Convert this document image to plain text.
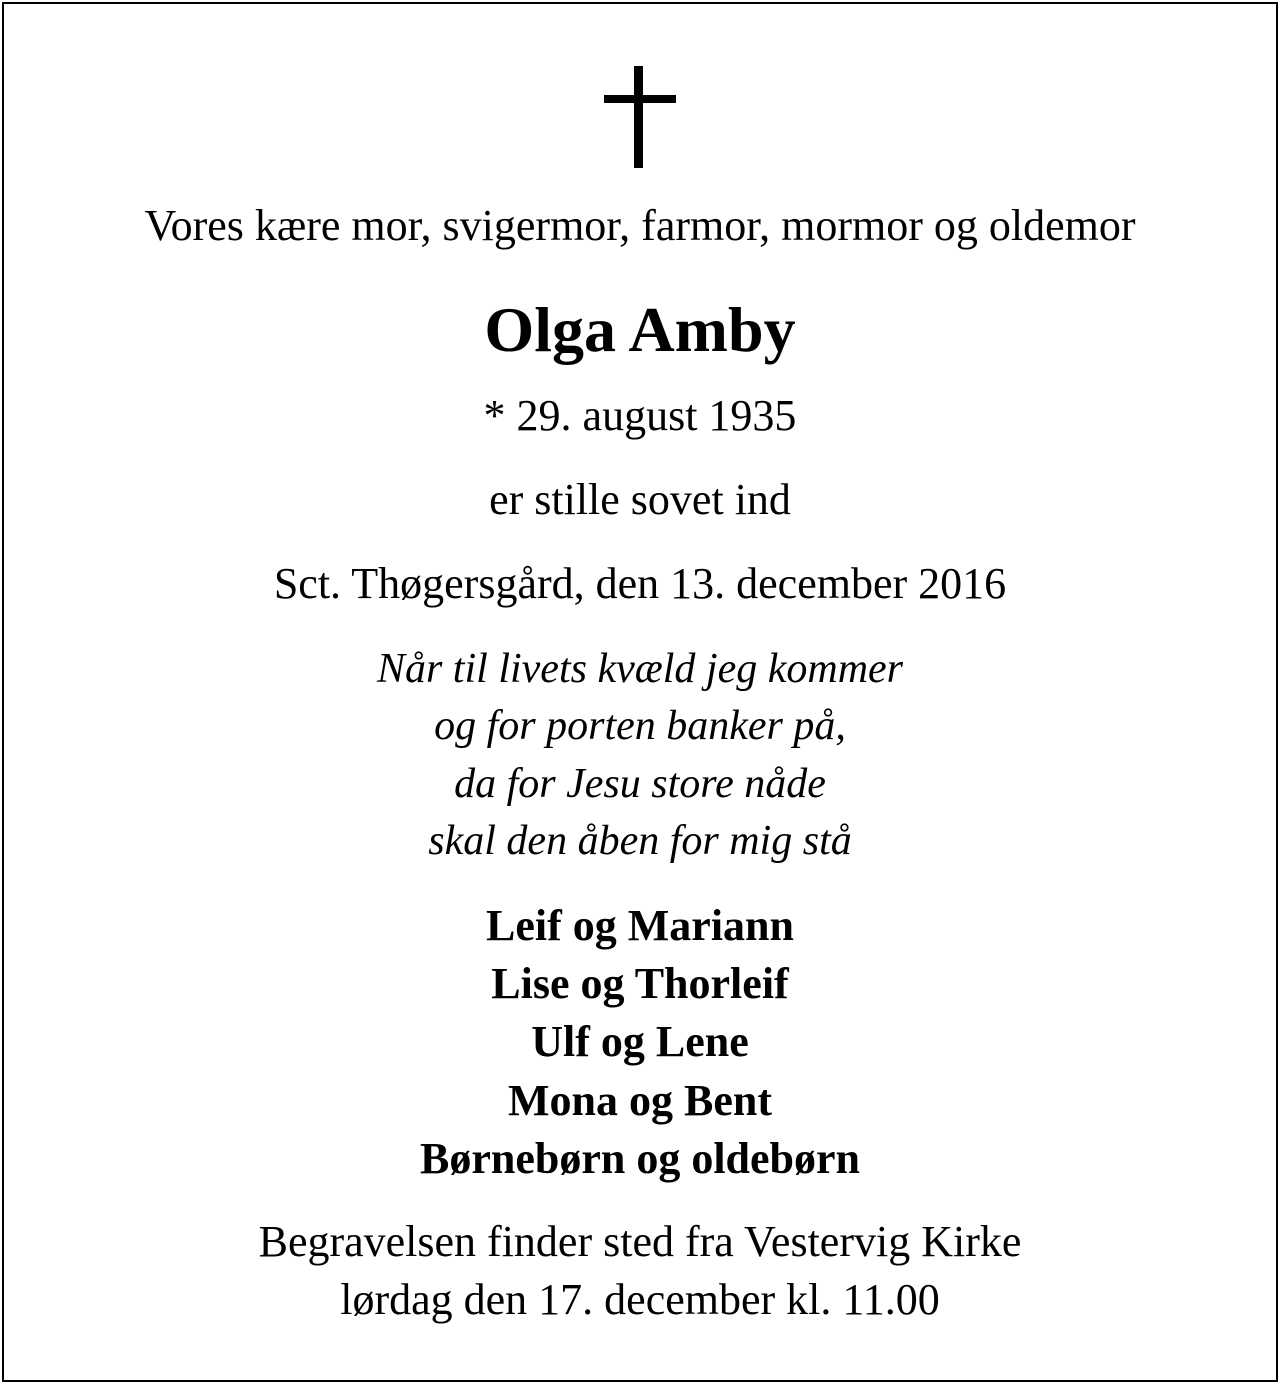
Vores kære mor, svigermor, farmor, mormor og oldemor
Olga Amby
* 29. august 1935
er stille sovet ind
Sct. Thøgersgård, den 13. december 2016
Når til livets kvæld jeg kommer
og for porten banker på,
da for Jesu store nåde
skal den åben for mig stå
Leif og Mariann
Lise og Thorleif
Ulf og Lene
Mona og Bent
Børnebørn og oldebørn
Begravelsen finder sted fra Vestervig Kirke
lørdag den 17. december kl. 11.00
